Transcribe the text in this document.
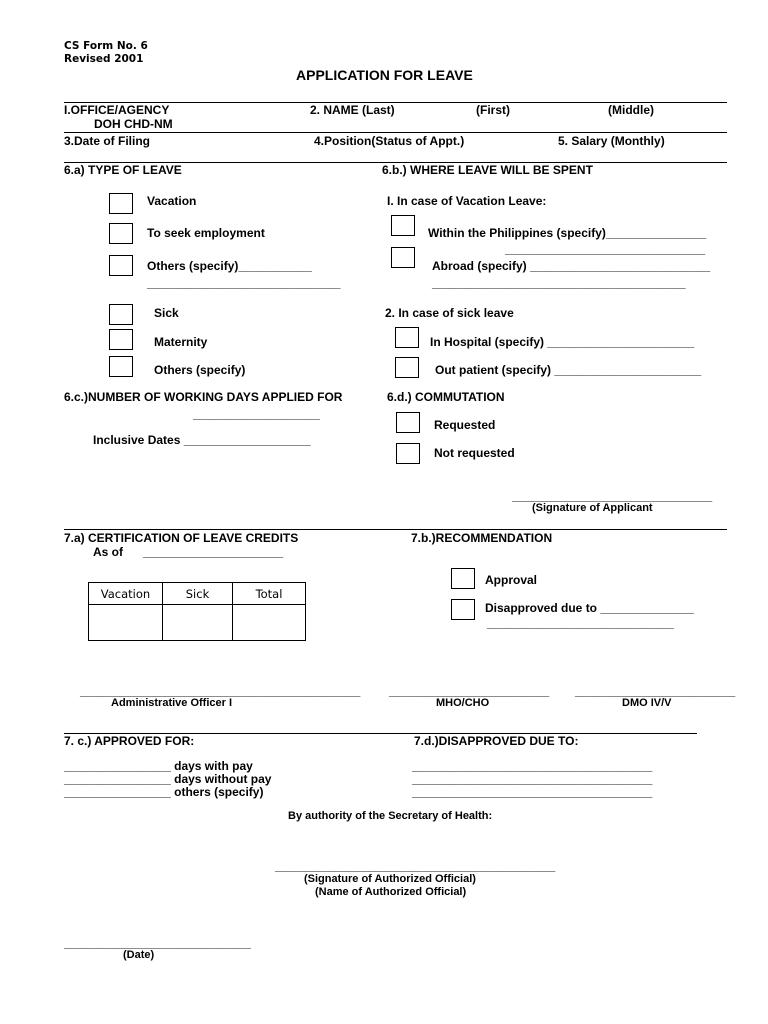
CS Form No. 6
Revised 2001
APPLICATION FOR LEAVE
I.OFFICE/AGENCY
DOH CHD-NM
2. NAME (Last)	(First)	(Middle)
3.Date of Filing	4.Position(Status of Appt.)	5. Salary (Monthly)
6.a) TYPE OF LEAVE
Vacation
To seek employment
Others (specify)___________
_____________________________
Sick
Maternity
Others (specify)
6.b.) WHERE LEAVE WILL BE SPENT
I. In case of Vacation Leave:
Within the Philippines (specify)_______________
______________________________
Abroad (specify) ___________________________
______________________________________
2. In case of sick leave
In Hospital (specify) ______________________
Out patient (specify) ______________________
6.c.)NUMBER OF WORKING DAYS APPLIED FOR
___________________
Inclusive Dates ___________________
6.d.) COMMUTATION
Requested
Not requested
______________________________
(Signature of Applicant
7.a) CERTIFICATION OF LEAVE CREDITS
As of      _____________________
Vacation	Sick	Total

7.b.)RECOMMENDATION
Approval
Disapproved due to ______________
____________________________
__________________________________________
Administrative Officer I
________________________
MHO/CHO
________________________
DMO IV/V
7. c.) APPROVED FOR:
________________ days with pay
________________ days without pay
________________ others (specify)
7.d.)DISAPPROVED DUE TO:
____________________________________
____________________________________
____________________________________
By authority of the Secretary of Health:
__________________________________________
(Signature of Authorized Official)
(Name of Authorized Official)
____________________________
(Date)
